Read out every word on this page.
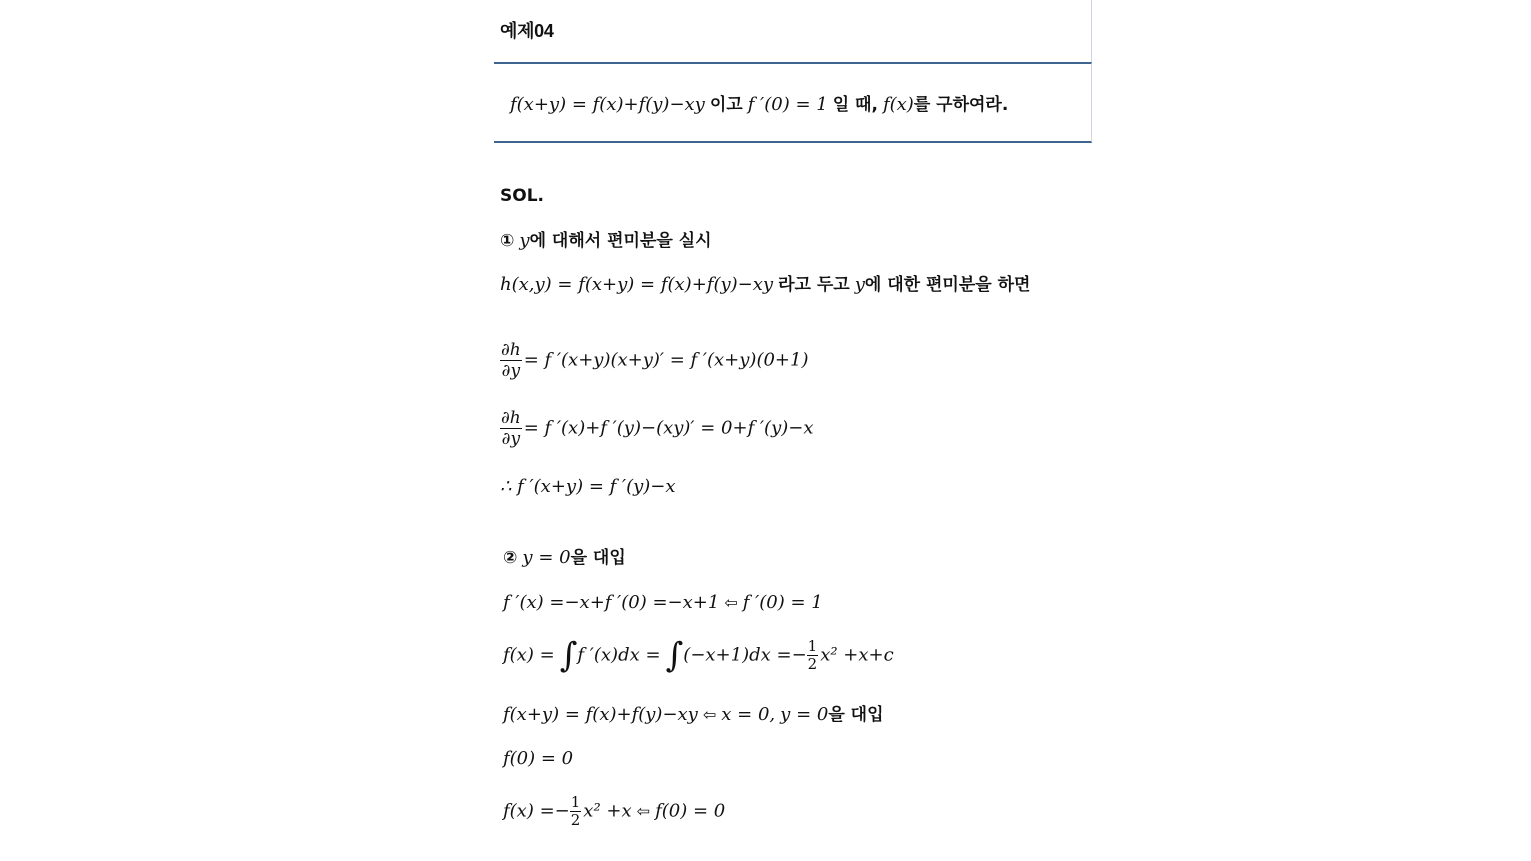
예제04
f(x+y) = f(x)+f(y)−xy 이고 f ′(0) = 1 일 때, f(x)를 구하여라.
SOL.
① y에 대해서 편미분을 실시
h(x,y) = f(x+y) = f(x)+f(y)−xy 라고 두고 y에 대한 편미분을 하면
$\frac{\partial h}{\partial y} = f$ ′(x+y)(x+y)′ = f ′(x+y)(0+1)
$\frac{\partial h}{\partial y} = f$ ′(x)+f ′(y)−(xy)′ = 0+f ′(y)−x
∴ f ′(x+y) = f ′(y)−x
② y = 0을 대입
f ′(x) =−x+f ′(0) =−x+1 ⇦ f ′(0) = 1
f(x) = ∫f $'(x)dx = \int(-x+1)dx =- \frac{1}{2} x^2 +x+c$
f(x+y) = f(x)+f(y)−xy ⇦ x = 0, y = 0을 대입
f(0) = 0
$f(x) =- \frac{1}{2} x^2 +x$ ⇦ f(0) = 0
